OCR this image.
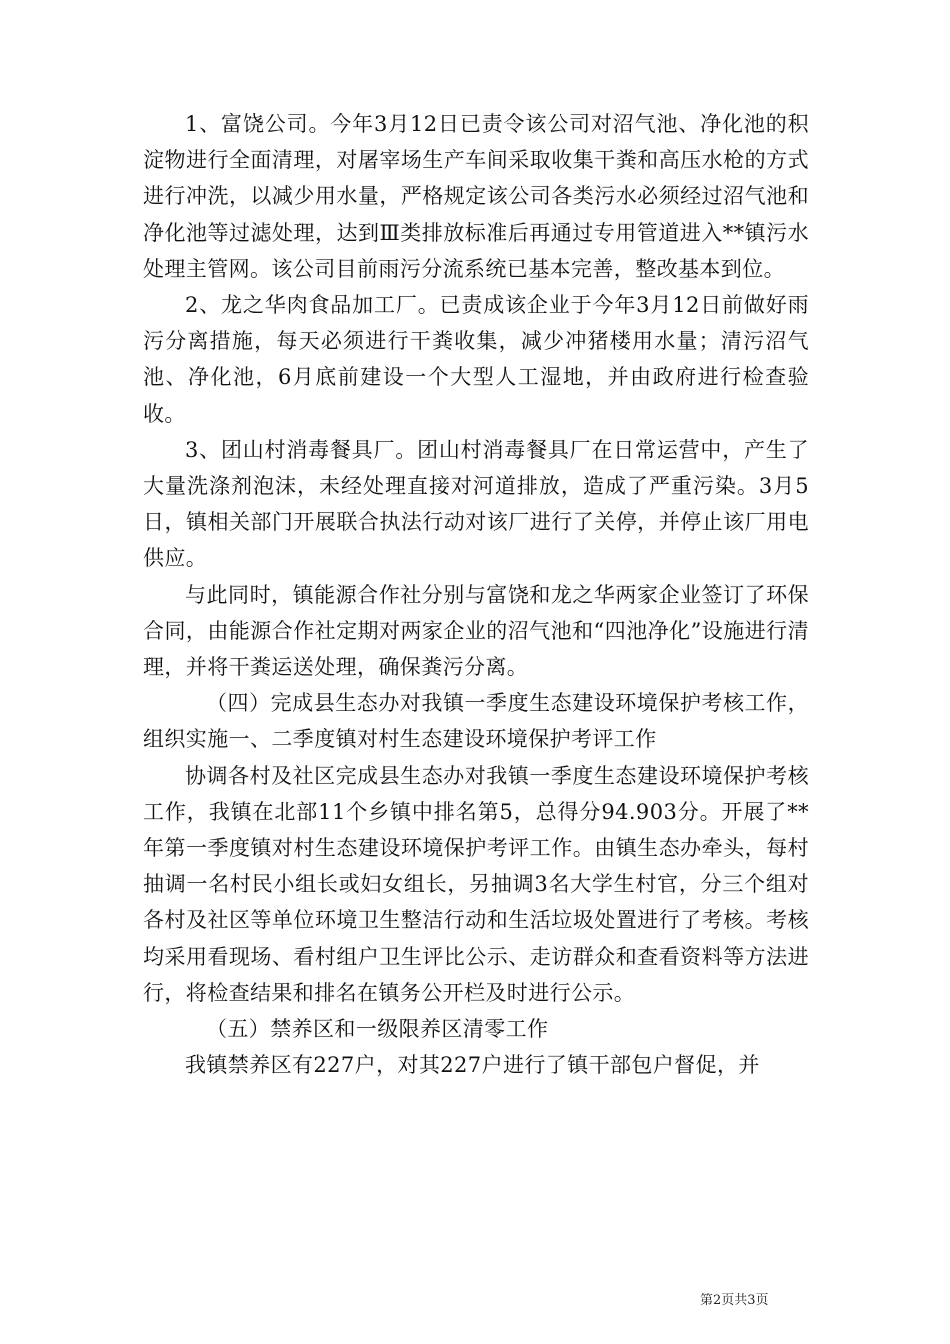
1、富饶公司。今年3月12日已责令该公司对沼气池、净化池的积淀物进行全面清理，对屠宰场生产车间采取收集干粪和高压水枪的方式进行冲洗，以减少用水量，严格规定该公司各类污水必须经过沼气池和净化池等过滤处理，达到Ⅲ类排放标准后再通过专用管道进入**镇污水处理主管网。该公司目前雨污分流系统已基本完善，整改基本到位。

2、龙之华肉食品加工厂。已责成该企业于今年3月12日前做好雨污分离措施，每天必须进行干粪收集，减少冲猪楼用水量；清污沼气池、净化池，6月底前建设一个大型人工湿地，并由政府进行检查验收。

3、团山村消毒餐具厂。团山村消毒餐具厂在日常运营中，产生了大量洗涤剂泡沫，未经处理直接对河道排放，造成了严重污染。3月5日，镇相关部门开展联合执法行动对该厂进行了关停，并停止该厂用电供应。

与此同时，镇能源合作社分别与富饶和龙之华两家企业签订了环保合同，由能源合作社定期对两家企业的沼气池和“四池净化”设施进行清理，并将干粪运送处理，确保粪污分离。

（四）完成县生态办对我镇一季度生态建设环境保护考核工作，组织实施一、二季度镇对村生态建设环境保护考评工作

协调各村及社区完成县生态办对我镇一季度生态建设环境保护考核工作，我镇在北部11个乡镇中排名第5，总得分94.903分。开展了**年第一季度镇对村生态建设环境保护考评工作。由镇生态办牵头，每村抽调一名村民小组长或妇女组长，另抽调3名大学生村官，分三个组对各村及社区等单位环境卫生整洁行动和生活垃圾处置进行了考核。考核均采用看现场、看村组户卫生评比公示、走访群众和查看资料等方法进行，将检查结果和排名在镇务公开栏及时进行公示。

（五）禁养区和一级限养区清零工作

我镇禁养区有227户，对其227户进行了镇干部包户督促，并

第2页共3页
